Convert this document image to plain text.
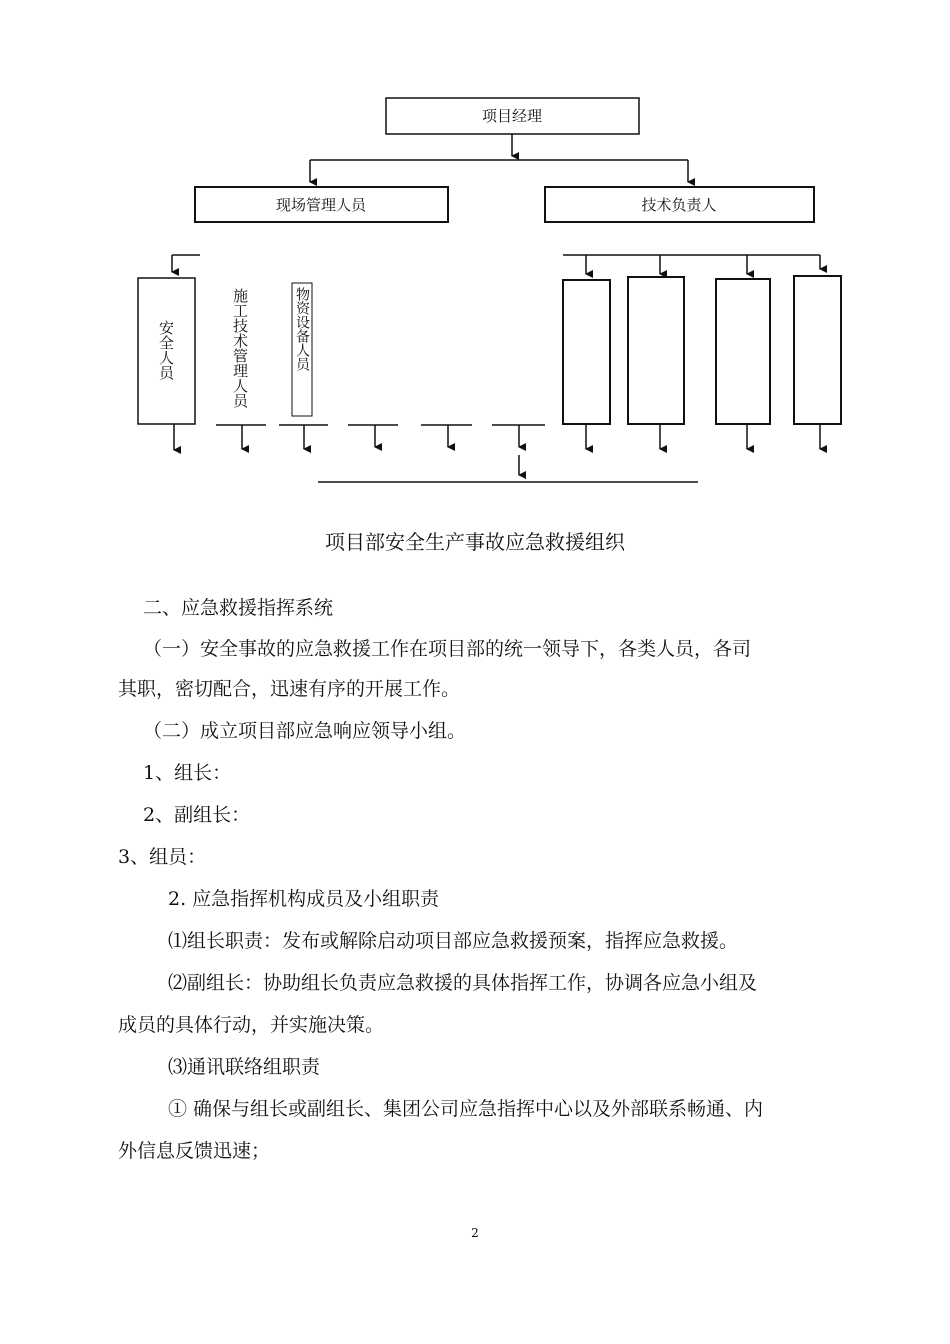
项目经理
现场管理人员	技术负责人
安全人员	施工技术管理人员	物资设备人员
项目部安全生产事故应急救援组织
二、应急救援指挥系统
（一）安全事故的应急救援工作在项目部的统一领导下，各类人员，各司
其职，密切配合，迅速有序的开展工作。
（二）成立项目部应急响应领导小组。
1、组长：
2、副组长：
3、组员：
2. 应急指挥机构成员及小组职责
⑴组长职责：发布或解除启动项目部应急救援预案，指挥应急救援。
⑵副组长：协助组长负责应急救援的具体指挥工作，协调各应急小组及
成员的具体行动，并实施决策。
⑶通讯联络组职责
① 确保与组长或副组长、集团公司应急指挥中心以及外部联系畅通、内
外信息反馈迅速；
2
